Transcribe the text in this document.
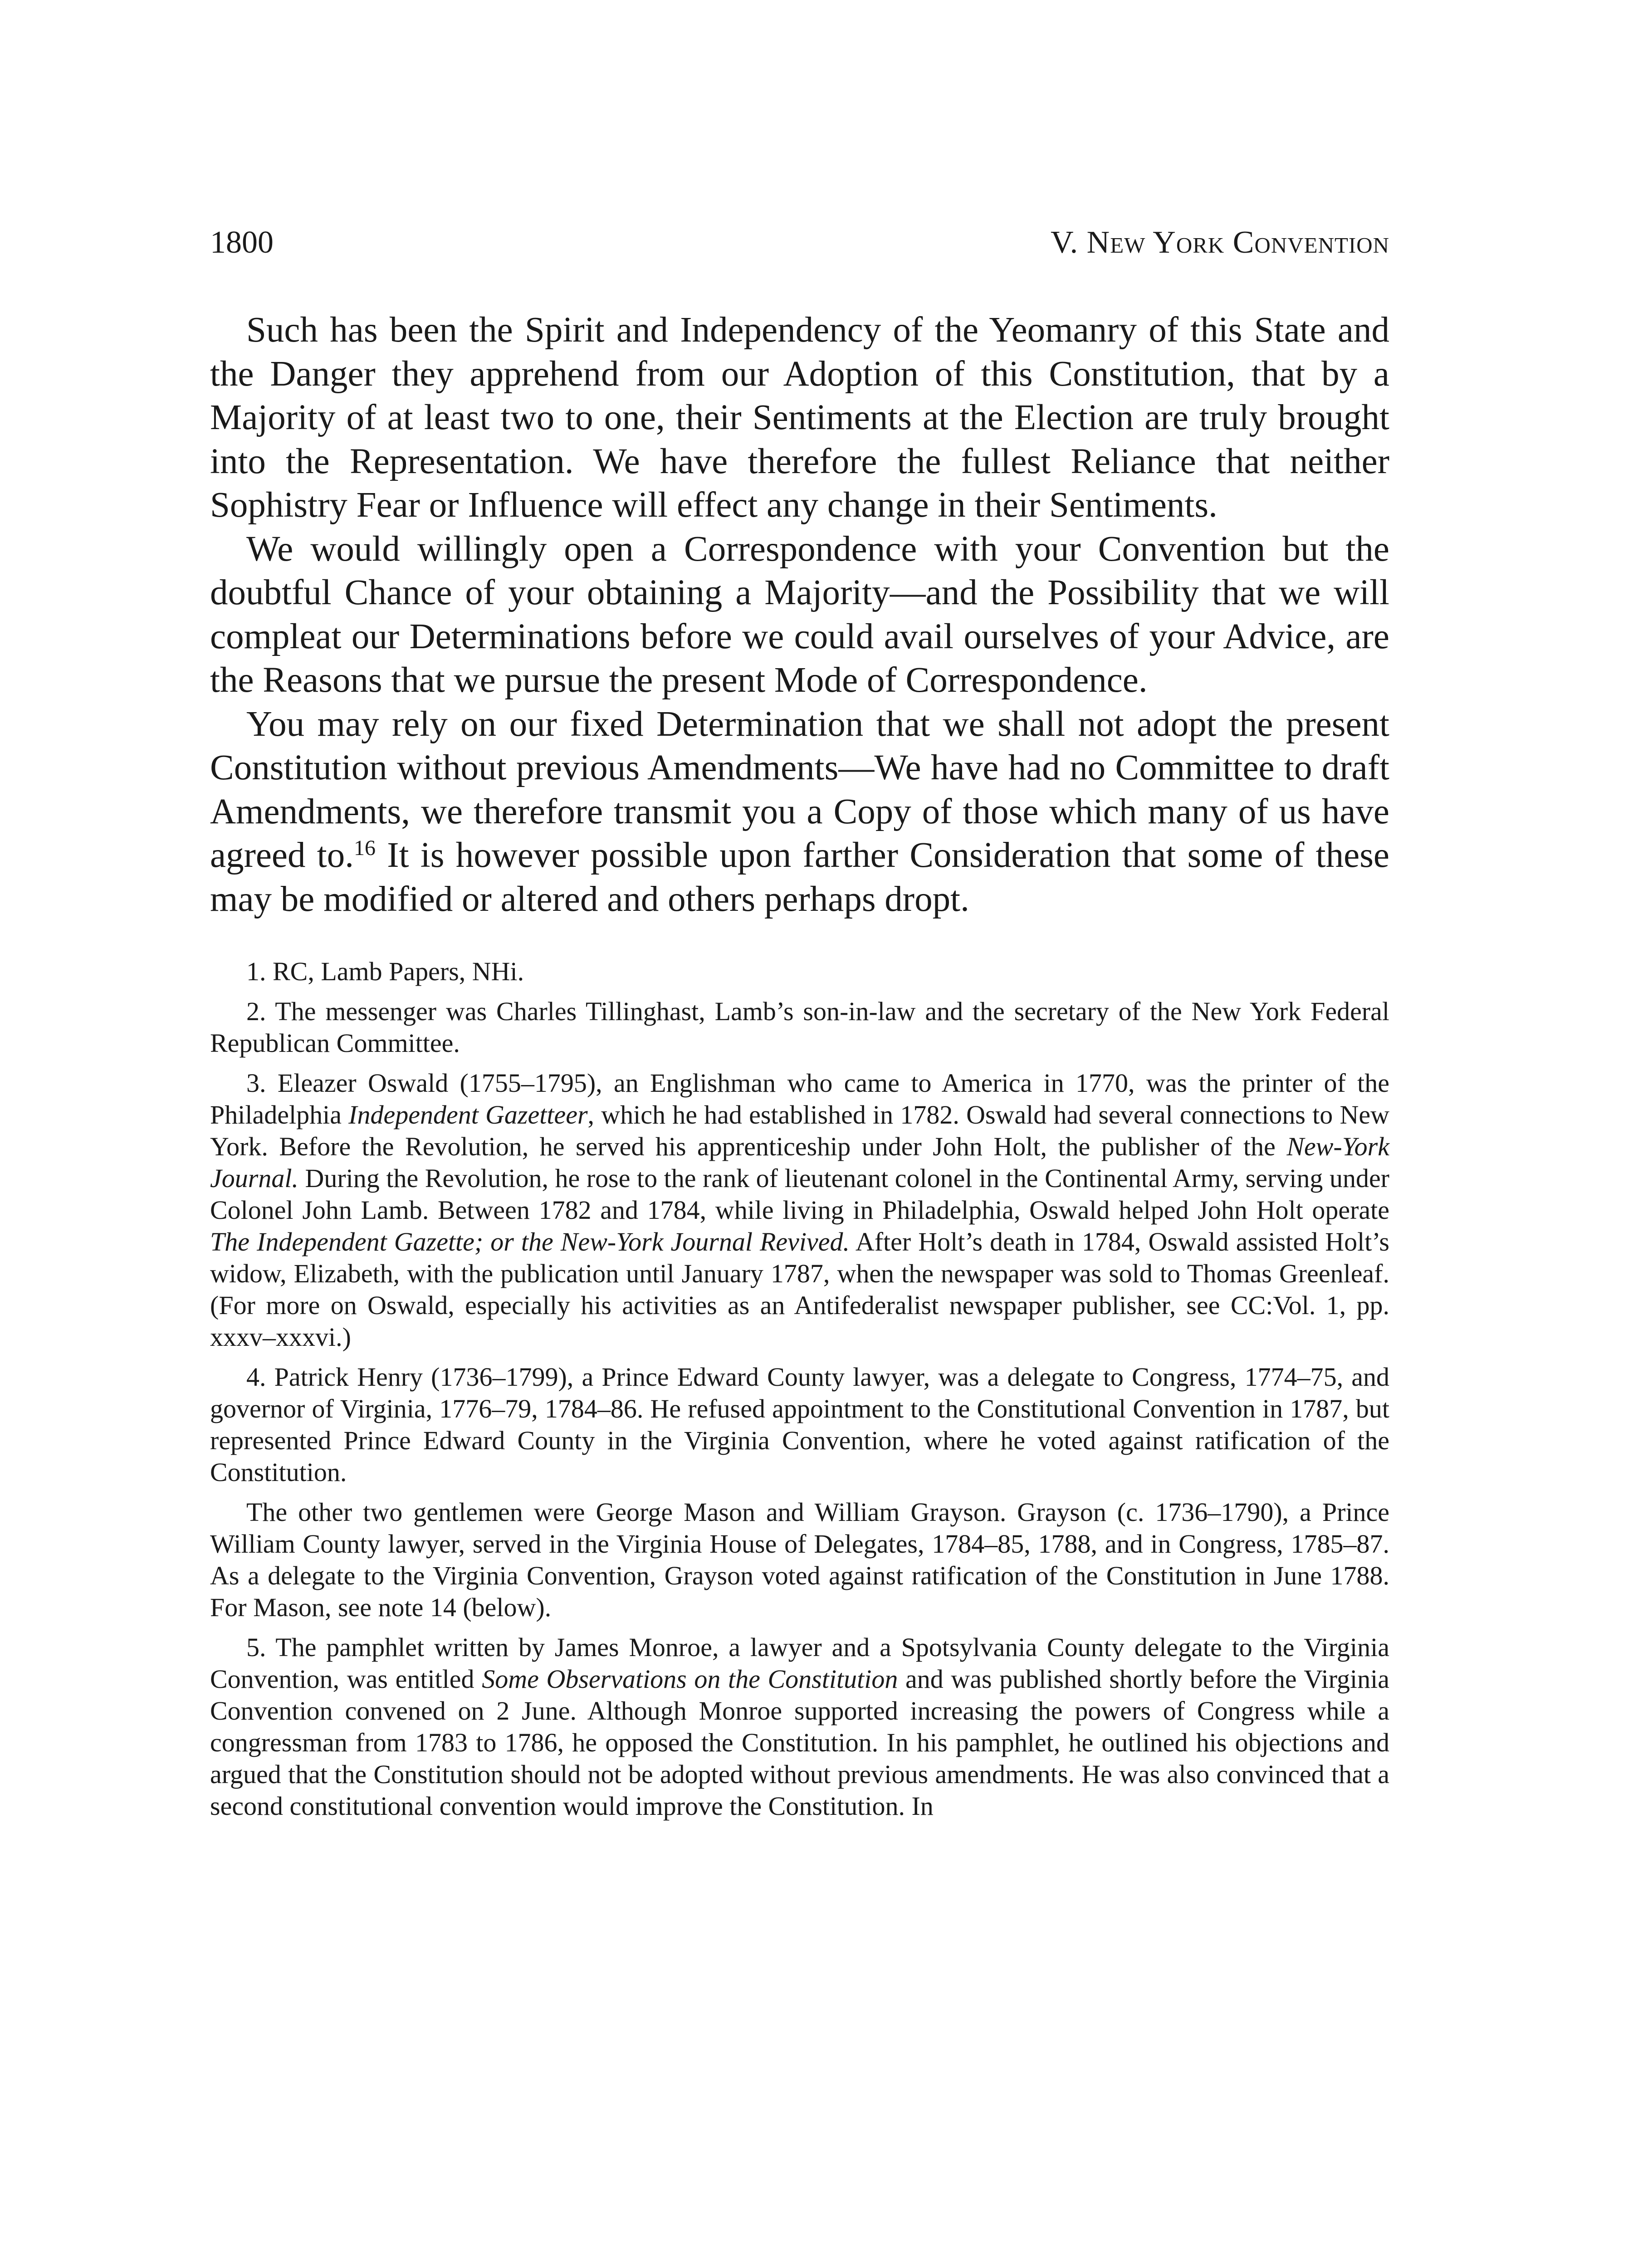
1800	V. New York Convention

Such has been the Spirit and Independency of the Yeomanry of this State and the Danger they apprehend from our Adoption of this Constitution, that by a Majority of at least two to one, their Sentiments at the Election are truly brought into the Representation. We have therefore the fullest Reliance that neither Sophistry Fear or Influence will effect any change in their Sentiments.

We would willingly open a Correspondence with your Convention but the doubtful Chance of your obtaining a Majority—and the Possibility that we will compleat our Determinations before we could avail ourselves of your Advice, are the Reasons that we pursue the present Mode of Correspondence.

You may rely on our fixed Determination that we shall not adopt the present Constitution without previous Amendments—We have had no Committee to draft Amendments, we therefore transmit you a Copy of those which many of us have agreed to.$^{16}$ It is however possible upon farther Consideration that some of these may be modified or altered and others perhaps dropt.

1. RC, Lamb Papers, NHi.

2. The messenger was Charles Tillinghast, Lamb’s son-in-law and the secretary of the New York Federal Republican Committee.

3. Eleazer Oswald (1755–1795), an Englishman who came to America in 1770, was the printer of the Philadelphia Independent Gazetteer, which he had established in 1782. Oswald had several connections to New York. Before the Revolution, he served his apprenticeship under John Holt, the publisher of the New-York Journal. During the Revolution, he rose to the rank of lieutenant colonel in the Continental Army, serving under Colonel John Lamb. Between 1782 and 1784, while living in Philadelphia, Oswald helped John Holt operate The Independent Gazette; or the New-York Journal Revived. After Holt’s death in 1784, Oswald assisted Holt’s widow, Elizabeth, with the publication until January 1787, when the newspaper was sold to Thomas Greenleaf. (For more on Oswald, especially his activities as an Antifederalist newspaper publisher, see CC:Vol. 1, pp. xxxv–xxxvi.)

4. Patrick Henry (1736–1799), a Prince Edward County lawyer, was a delegate to Congress, 1774–75, and governor of Virginia, 1776–79, 1784–86. He refused appointment to the Constitutional Convention in 1787, but represented Prince Edward County in the Virginia Convention, where he voted against ratification of the Constitution.

The other two gentlemen were George Mason and William Grayson. Grayson (c. 1736–1790), a Prince William County lawyer, served in the Virginia House of Delegates, 1784–85, 1788, and in Congress, 1785–87. As a delegate to the Virginia Convention, Grayson voted against ratification of the Constitution in June 1788. For Mason, see note 14 (below).

5. The pamphlet written by James Monroe, a lawyer and a Spotsylvania County delegate to the Virginia Convention, was entitled Some Observations on the Constitution and was published shortly before the Virginia Convention convened on 2 June. Although Monroe supported increasing the powers of Congress while a congressman from 1783 to 1786, he opposed the Constitution. In his pamphlet, he outlined his objections and argued that the Constitution should not be adopted without previous amendments. He was also convinced that a second constitutional convention would improve the Constitution. In
